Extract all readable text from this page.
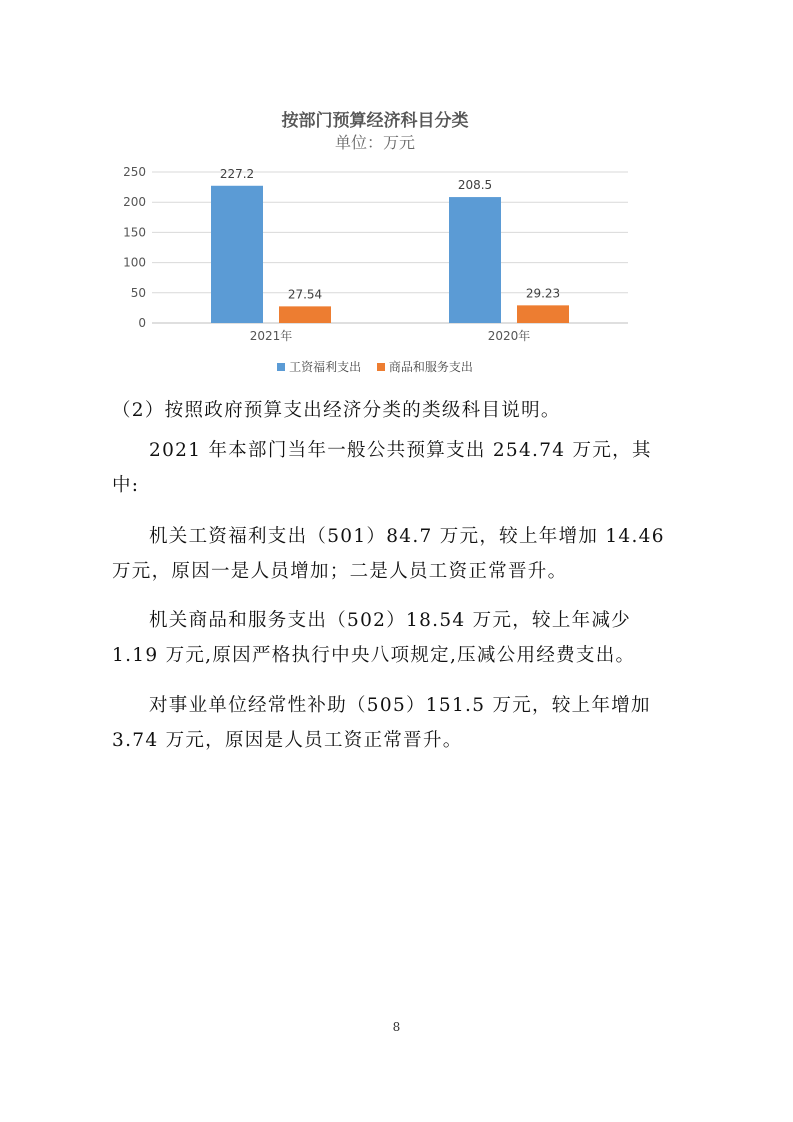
按部门预算经济科目分类
单位：万元
0
50
100
150
200
250	227.2
27.54
2021年
208.5
29.23
2020年
工资福利支出 商品和服务支出
（2）按照政府预算支出经济分类的类级科目说明。
2021 年本部门当年一般公共预算支出 254.74 万元，其中:
机关工资福利支出（501）84.7 万元，较上年增加 14.46 万元，原因一是人员增加；二是人员工资正常晋升。
机关商品和服务支出（502）18.54 万元，较上年减少 1.19 万元,原因严格执行中央八项规定,压减公用经费支出。
对事业单位经常性补助（505）151.5 万元，较上年增加 3.74 万元，原因是人员工资正常晋升。
8
